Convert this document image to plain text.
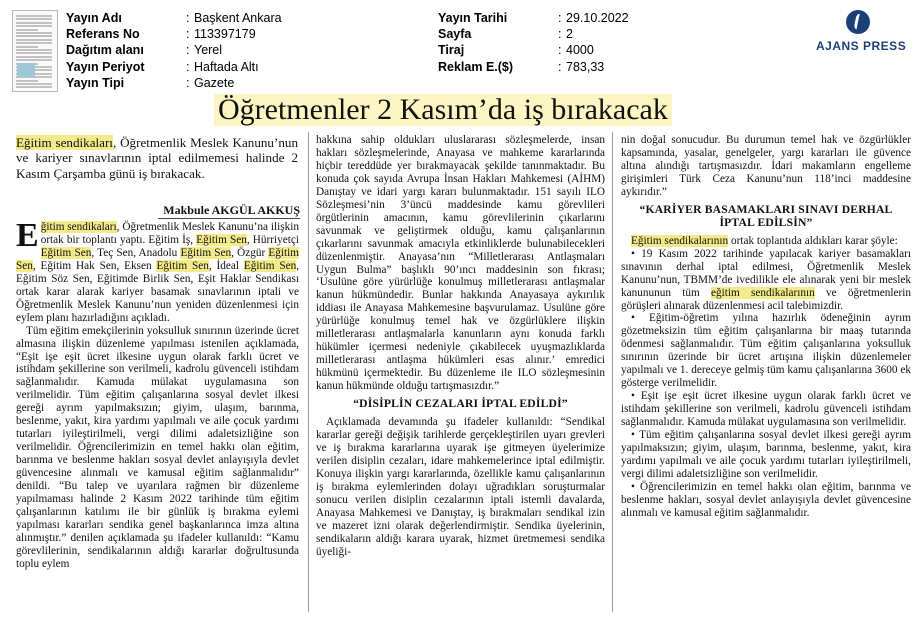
Yayın Adı	: Başkent Ankara
Referans No	: 113397179
Dağıtım alanı	: Yerel
Yayın Periyot	: Haftada Altı
Yayın Tipi	: Gazete
Yayın Tarihi	: 29.10.2022
Sayfa	: 2
Tiraj	: 4000
Reklam E.($)	: 783,33
AJANS PRESS
Öğretmenler 2 Kasım’da iş bırakacak
Eğitim sendikaları, Öğretmenlik Meslek Kanunu’nun ve kariyer sınavlarının iptal edilmemesi halinde 2 Kasım Çarşamba günü iş bırakacak.
Makbule AKGÜL AKKUŞ

Eğitim sendikaları, Öğretmenlik Meslek Kanunu’na ilişkin ortak bir toplantı yaptı. Eğitim İş, Eğitim Sen, Hürriyetçi Eğitim Sen, Teç Sen, Anadolu Eğitim Sen, Özgür Eğitim Sen, Eğitim Hak Sen, Eksen Eğitim Sen, İdeal Eğitim Sen, Eğitim Söz Sen, Eğitimde Birlik Sen, Eşit Haklar Sendikası ortak karar alarak kariyer basamak sınavlarının iptali ve Öğretmenlik Meslek Kanunu’nun yeniden düzenlenmesi için eylem planı hazırladığını açıkladı.

Tüm eğitim emekçilerinin yoksulluk sınırının üzerinde ücret almasına ilişkin düzenleme yapılması istenilen açıklamada, “Eşit işe eşit ücret ilkesine uygun olarak farklı ücret ve istihdam şekillerine son verilmeli, kadrolu güvenceli istihdam sağlanmalıdır. Kamuda mülakat uygulamasına son verilmelidir. Tüm eğitim çalışanlarına sosyal devlet ilkesi gereği ayrım yapılmaksızın; giyim, ulaşım, barınma, beslenme, yakıt, kira yardımı yapılmalı ve aile çocuk yardımı tutarları iyileştirilmeli, vergi dilimi adaletsizliğine son verilmelidir. Öğrencilerimizin en temel hakkı olan eğitim, barınma ve beslenme hakları sosyal devlet anlayışıyla devlet güvencesine alınmalı ve kamusal eğitim sağlanmalıdır” denildi. “Bu talep ve uyarılara rağmen bir düzenleme yapılmaması halinde 2 Kasım 2022 tarihinde tüm eğitim çalışanlarının katılımı ile bir günlük iş bırakma eylemi yapılması kararları sendika genel başkanlarınca imza altına alınmıştır.” denilen açıklamada şu ifadeler kullanıldı: “Kamu görevlilerinin, sendikalarının aldığı kararlar doğrultusunda toplu eylem

hakkına sahip oldukları uluslararası sözleşmelerde, insan hakları sözleşmelerinde, Anayasa ve mahkeme kararlarında hiçbir tereddüde yer bırakmayacak şekilde tanınmaktadır. Bu konuda çok sayıda Avrupa İnsan Hakları Mahkemesi (AİHM) Danıştay ve idari yargı kararı bulunmaktadır. 151 sayılı ILO Sözleşmesi’nin 3’üncü maddesinde kamu görevlileri örgütlerinin amacının, kamu görevlilerinin çıkarlarını savunmak ve geliştirmek olduğu, kamu çalışanlarının çıkarlarını savunmak amacıyla etkinliklerde bulunabilecekleri düzenlenmiştir. Anayasa’nın “Milletlerarası Antlaşmaları Uygun Bulma” başlıklı 90’ıncı maddesinin son fıkrası; ‘Usulüne göre yürürlüğe konulmuş milletlerarası antlaşmalar kanun hükmündedir. Bunlar hakkında Anayasaya aykırılık iddiası ile Anayasa Mahkemesine başvurulamaz. Usulüne göre yürürlüğe konulmuş temel hak ve özgürlüklere ilişkin milletlerarası antlaşmalarla kanunların aynı konuda farklı hükümler içermesi nedeniyle çıkabilecek uyuşmazlıklarda milletlerarası antlaşma hükümleri esas alınır.’ emredici hükmünü içermektedir. Bu düzenleme ile ILO sözleşmesinin kanun hükmünde olduğu tartışmasızdır.”

“DİSİPLİN CEZALARI İPTAL EDİLDİ”

Açıklamada devamında şu ifadeler kullanıldı: “Sendikal kararlar gereği değişik tarihlerde gerçekleştirilen uyarı grevleri ve iş bırakma kararlarına uyarak işe gitmeyen üyelerimize verilen disiplin cezaları, idare mahkemelerince iptal edilmiştir. Konuya ilişkin yargı kararlarında, özellikle kamu çalışanlarının iş bırakma eylemlerinden dolayı uğradıkları soruşturmalar sonucu verilen disiplin cezalarının iptali istemli davalarda, Anayasa Mahkemesi ve Danıştay, iş bırakmaları sendikal izin ve mazeret izni olarak değerlendirmiştir. Sendika üyelerinin, sendikaların aldığı karara uyarak, hizmet üretmemesi sendika üyeliği-

nin doğal sonucudur. Bu durumun temel hak ve özgürlükler kapsamında, yasalar, genelgeler, yargı kararları ile güvence altına alındığı tartışmasızdır. İdari makamların engelleme girişimleri Türk Ceza Kanunu’nun 118’inci maddesine aykırıdır.”

“KARİYER BASAMAKLARI SINAVI DERHAL İPTAL EDİLSİN”

Eğitim sendikalarının ortak toplantıda aldıkları karar şöyle:

• 19 Kasım 2022 tarihinde yapılacak kariyer basamakları sınavının derhal iptal edilmesi, Öğretmenlik Meslek Kanunu’nun, TBMM’de ivedilikle ele alınarak yeni bir meslek kanununun tüm eğitim sendikalarının ve öğretmenlerin görüşleri alınarak düzenlenmesi acil talebimizdir.

• Eğitim-öğretim yılına hazırlık ödeneğinin ayrım gözetmeksizin tüm eğitim çalışanlarına bir maaş tutarında ödenmesi sağlanmalıdır. Tüm eğitim çalışanlarına yoksulluk sınırının üzerinde bir ücret artışına ilişkin düzenlemeler yapılmalı ve 1. dereceye gelmiş tüm kamu çalışanlarına 3600 ek gösterge verilmelidir.

• Eşit işe eşit ücret ilkesine uygun olarak farklı ücret ve istihdam şekillerine son verilmeli, kadrolu güvenceli istihdam sağlanmalıdır. Kamuda mülakat uygulamasına son verilmelidir.

• Tüm eğitim çalışanlarına sosyal devlet ilkesi gereği ayrım yapılmaksızın; giyim, ulaşım, barınma, beslenme, yakıt, kira yardımı yapılmalı ve aile çocuk yardımı tutarları iyileştirilmeli, vergi dilimi adaletsizliğine son verilmelidir.

• Öğrencilerimizin en temel hakkı olan eğitim, barınma ve beslenme hakları, sosyal devlet anlayışıyla devlet güvencesine alınmalı ve kamusal eğitim sağlanmalıdır.
